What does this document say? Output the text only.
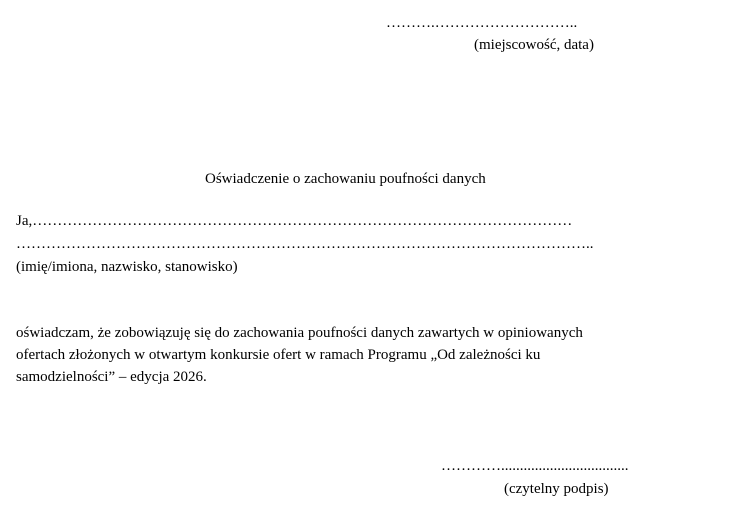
……….………………………..
(miejscowość, data)
Oświadczenie o zachowaniu poufności danych
Ja,………………………………………………………………………………………………
……………………………………………………………………………………………………..
(imię/imiona, nazwisko, stanowisko)
oświadczam, że zobowiązuję się do zachowania poufności danych zawartych w opiniowanych
ofertach złożonych w otwartym konkursie ofert w ramach Programu „Od zależności ku
samodzielności” – edycja 2026.
…………..................................
(czytelny podpis)
